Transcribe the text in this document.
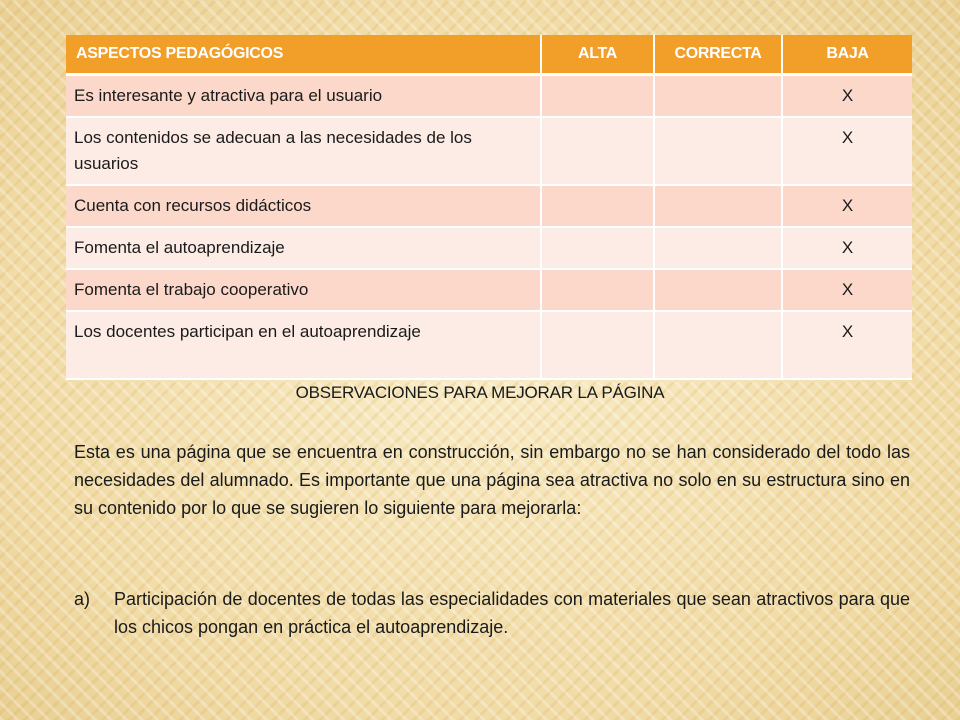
ASPECTOS PEDAGÓGICOS	ALTA	CORRECTA	BAJA
Es interesante y atractiva para el usuario			X
Los contenidos se adecuan a las necesidades de los usuarios			X
Cuenta con recursos didácticos			X
Fomenta el autoaprendizaje			X
Fomenta el trabajo cooperativo			X
Los docentes participan en el autoaprendizaje			X
OBSERVACIONES PARA MEJORAR LA PÁGINA
Esta es una página que se encuentra en construcción, sin embargo no se han considerado del todo las necesidades del alumnado. Es importante que una página sea atractiva no solo en su estructura sino en su contenido por lo que se sugieren lo siguiente para mejorarla:
a)	Participación de docentes de todas las especialidades con materiales que sean atractivos para que los chicos pongan en práctica el autoaprendizaje.
